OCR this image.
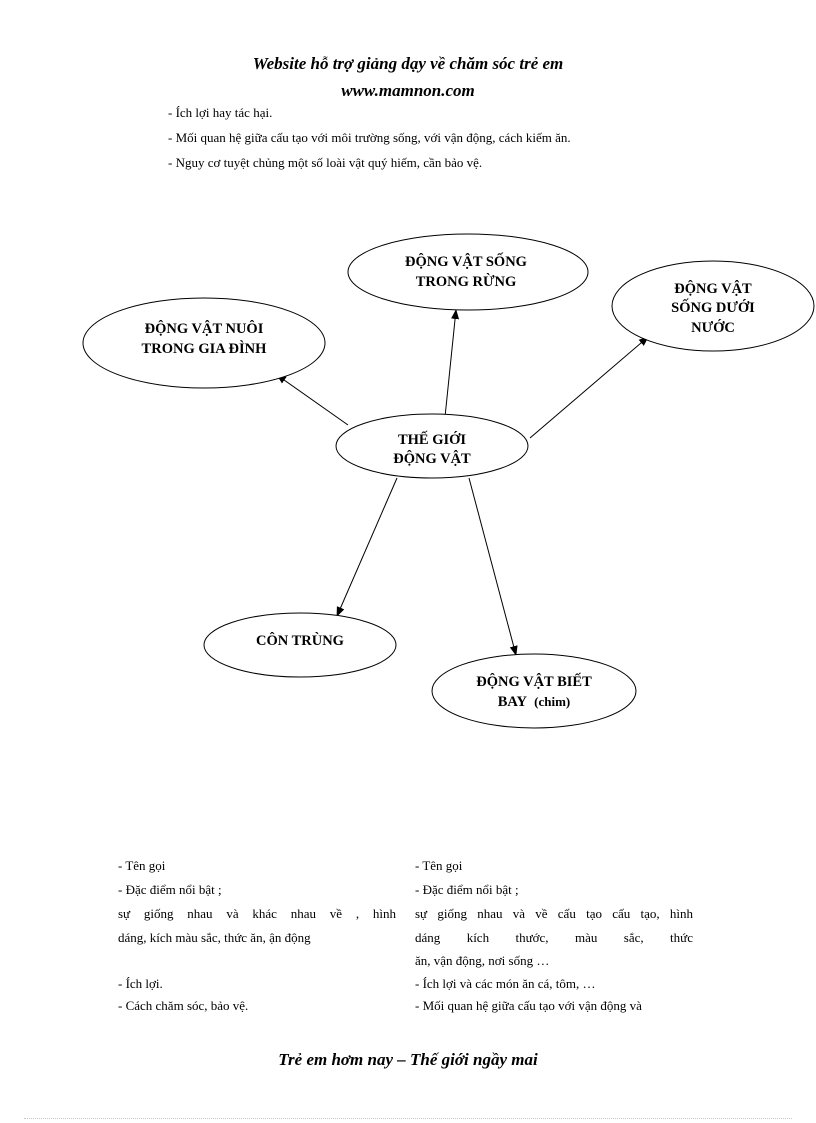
Website hỗ trợ giảng dạy về chăm sóc trẻ em
www.mamnon.com
- Ích lợi hay tác hại.
- Mối quan hệ giữa cấu tạo với môi trường sống, với vận động, cách kiếm ăn.
- Nguy cơ tuyệt chủng một số loài vật quý hiếm, cần bảo vệ.
ĐỘNG VẬT SỐNG
TRONG RỪNG	ĐỘNG VẬT
SỐNG DƯỚI
NƯỚC
ĐỘNG VẬT NUÔI
TRONG GIA ĐÌNH
THẾ GIỚI
ĐỘNG VẬT
CÔN TRÙNG
ĐỘNG VẬT BIẾT
BAY (chim)
- Tên gọi
- Đặc điểm nổi bật ;
sự giống nhau và khác nhau về , hình
dáng, kích màu sắc, thức ăn, ận động
- Ích lợi.
- Cách chăm sóc, bảo vệ.
- Tên gọi
- Đặc điểm nổi bật ;
sự giống nhau và về cấu tạo cấu tạo, hình
dáng kích thước, màu sắc, thức
ăn, vận động, nơi sống …
- Ích lợi và các món ăn cá, tôm, …
- Mối quan hệ giữa cấu tạo với vận động và
Trẻ em hơm nay – Thế giới ngầy mai
